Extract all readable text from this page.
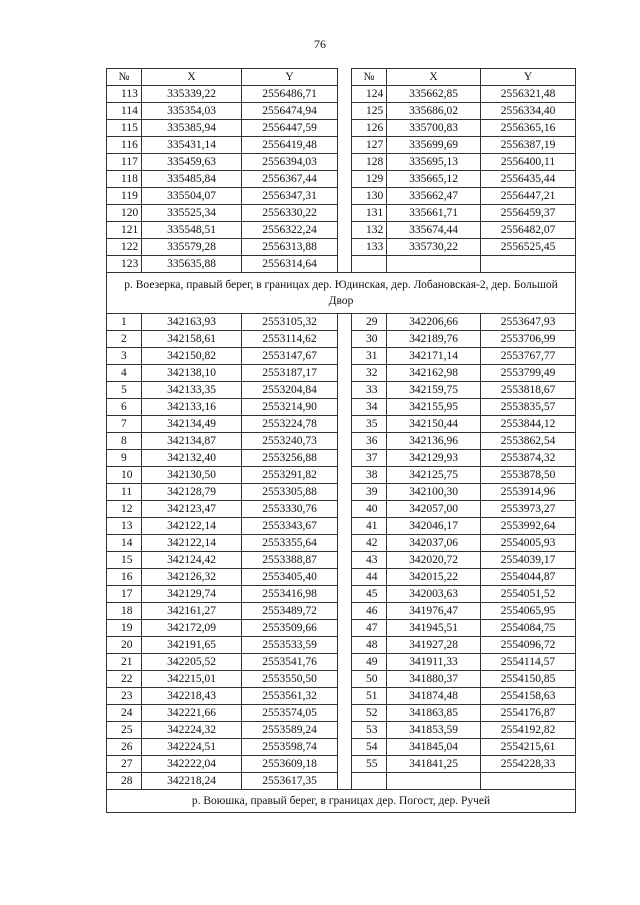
76
№	X	Y		№	X	Y
113	335339,22	2556486,71		124	335662,85	2556321,48
114	335354,03	2556474,94		125	335686,02	2556334,40
115	335385,94	2556447,59		126	335700,83	2556365,16
116	335431,14	2556419,48		127	335699,69	2556387,19
117	335459,63	2556394,03		128	335695,13	2556400,11
118	335485,84	2556367,44		129	335665,12	2556435,44
119	335504,07	2556347,31		130	335662,47	2556447,21
120	335525,34	2556330,22		131	335661,71	2556459,37
121	335548,51	2556322,24		132	335674,44	2556482,07
122	335579,28	2556313,88		133	335730,22	2556525,45
123	335635,88	2556314,64				
р. Воезерка, правый берег, в границах дер. Юдинская, дер. Лобановская-2, дер. Большой Двор						
1	342163,93	2553105,32		29	342206,66	2553647,93
2	342158,61	2553114,62		30	342189,76	2553706,99
3	342150,82	2553147,67		31	342171,14	2553767,77
4	342138,10	2553187,17		32	342162,98	2553799,49
5	342133,35	2553204,84		33	342159,75	2553818,67
6	342133,16	2553214,90		34	342155,95	2553835,57
7	342134,49	2553224,78		35	342150,44	2553844,12
8	342134,87	2553240,73		36	342136,96	2553862,54
9	342132,40	2553256,88		37	342129,93	2553874,32
10	342130,50	2553291,82		38	342125,75	2553878,50
11	342128,79	2553305,88		39	342100,30	2553914,96
12	342123,47	2553330,76		40	342057,00	2553973,27
13	342122,14	2553343,67		41	342046,17	2553992,64
14	342122,14	2553355,64		42	342037,06	2554005,93
15	342124,42	2553388,87		43	342020,72	2554039,17
16	342126,32	2553405,40		44	342015,22	2554044,87
17	342129,74	2553416,98		45	342003,63	2554051,52
18	342161,27	2553489,72		46	341976,47	2554065,95
19	342172,09	2553509,66		47	341945,51	2554084,75
20	342191,65	2553533,59		48	341927,28	2554096,72
21	342205,52	2553541,76		49	341911,33	2554114,57
22	342215,01	2553550,50		50	341880,37	2554150,85
23	342218,43	2553561,32		51	341874,48	2554158,63
24	342221,66	2553574,05		52	341863,85	2554176,87
25	342224,32	2553589,24		53	341853,59	2554192,82
26	342224,51	2553598,74		54	341845,04	2554215,61
27	342222,04	2553609,18		55	341841,25	2554228,33
28	342218,24	2553617,35				
р. Воюшка, правый берег, в границах дер. Погост, дер. Ручей						
